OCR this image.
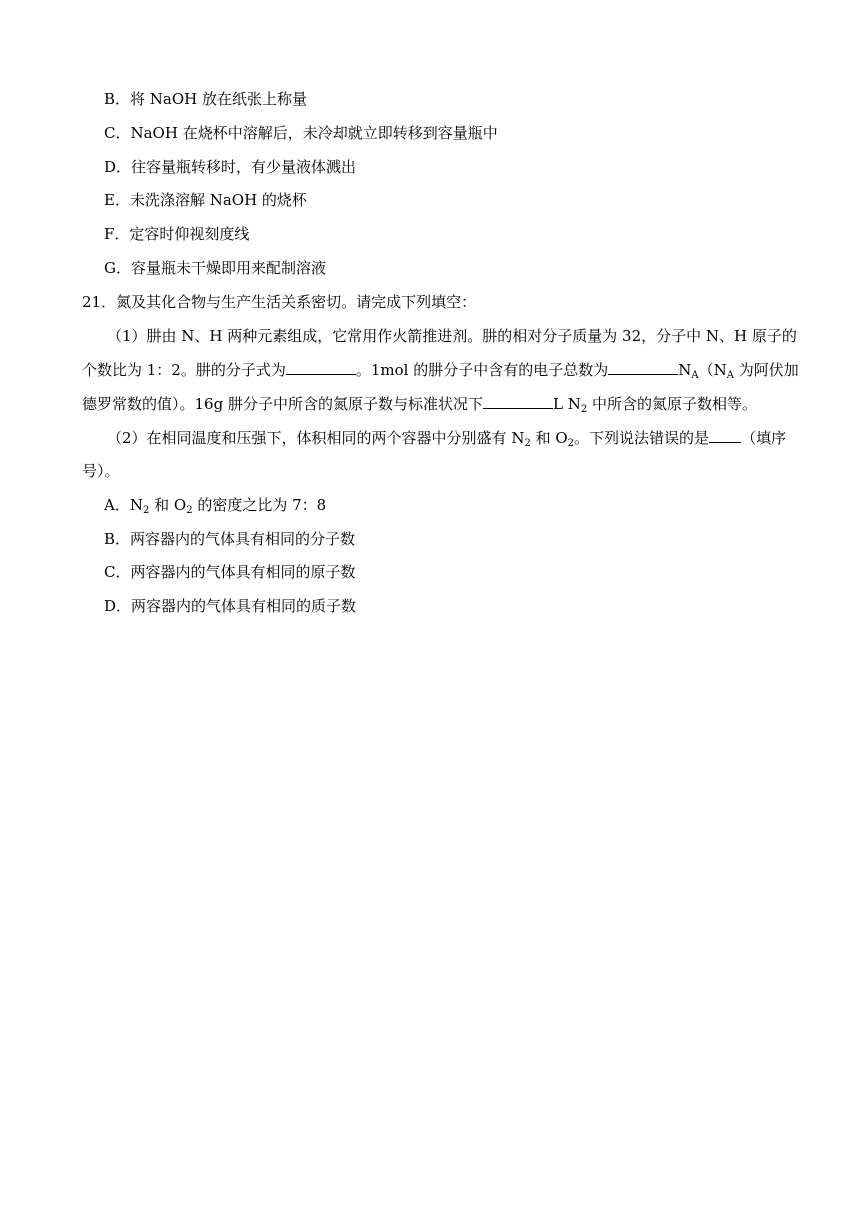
B．将 NaOH 放在纸张上称量
C．NaOH 在烧杯中溶解后，未冷却就立即转移到容量瓶中
D．往容量瓶转移时，有少量液体溅出
E．未洗涤溶解 NaOH 的烧杯
F．定容时仰视刻度线
G．容量瓶未干燥即用来配制溶液
21．氮及其化合物与生产生活关系密切。请完成下列填空：
（1）肼由 N、H 两种元素组成，它常用作火箭推进剂。肼的相对分子质量为 32，分子中 N、H 原子的
个数比为 1：2。肼的分子式为	。1mol 的肼分子中含有的电子总数为	$N_A(N_A$ 为阿伏加
德罗常数的值）。16g 肼分子中所含的氮原子数与标准状况下	L $N_2$ 中所含的氮原子数相等。
（2）在相同温度和压强下，体积相同的两个容器中分别盛有 $N_2$ 和 $O_2$。下列说法错误的是 （填序
号）。
A．$N_2$ 和 $O_2$ 的密度之比为 7：8
B．两容器内的气体具有相同的分子数
C．两容器内的气体具有相同的原子数
D．两容器内的气体具有相同的质子数
